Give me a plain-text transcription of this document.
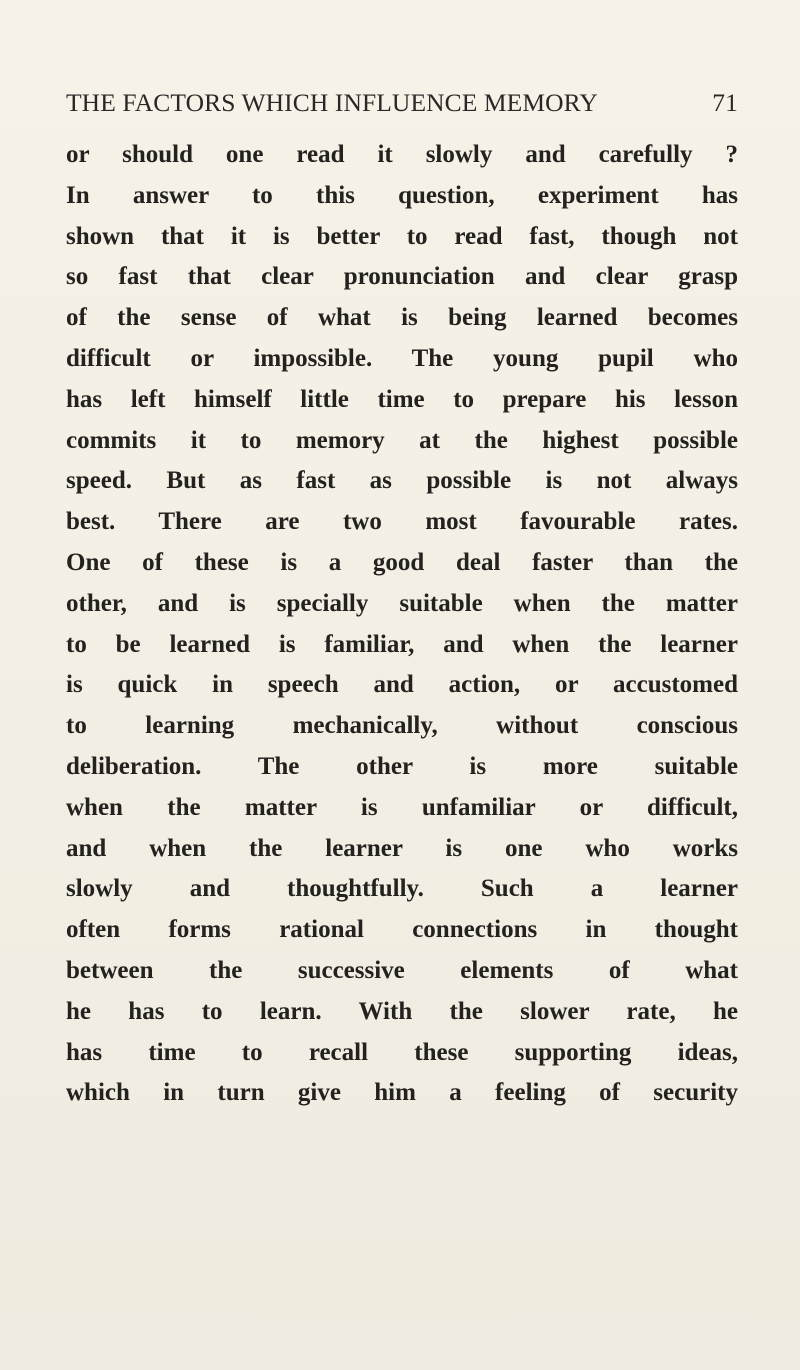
THE FACTORS WHICH INFLUENCE MEMORY	71
or should one read it slowly and carefully ?
In answer to this question, experiment has
shown that it is better to read fast, though not
so fast that clear pronunciation and clear grasp
of the sense of what is being learned becomes
difficult or impossible. The young pupil who
has left himself little time to prepare his lesson
commits it to memory at the highest possible
speed. But as fast as possible is not always
best. There are two most favourable rates.
One of these is a good deal faster than the
other, and is specially suitable when the matter
to be learned is familiar, and when the learner
is quick in speech and action, or accustomed
to learning mechanically, without conscious
deliberation. The other is more suitable
when the matter is unfamiliar or difficult,
and when the learner is one who works
slowly and thoughtfully. Such a learner
often forms rational connections in thought
between the successive elements of what
he has to learn. With the slower rate, he
has time to recall these supporting ideas,
which in turn give him a feeling of security
